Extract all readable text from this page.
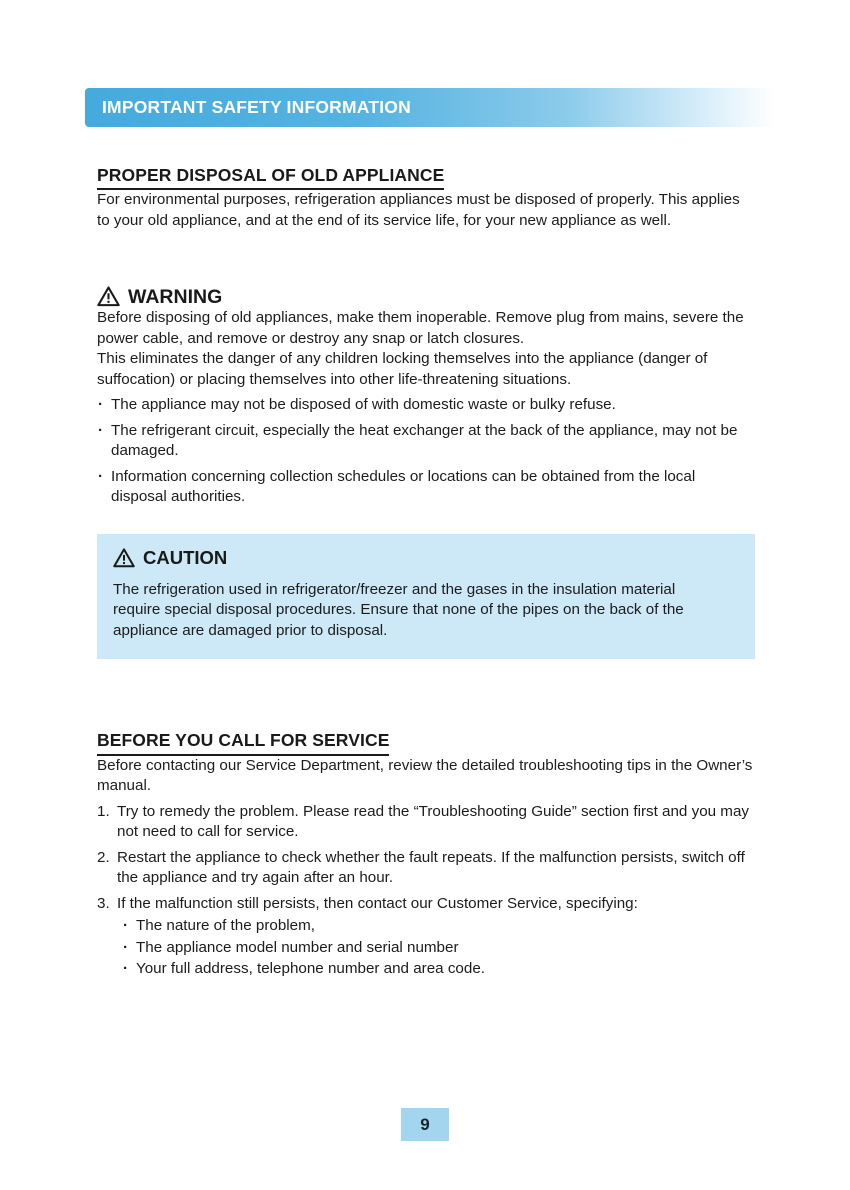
IMPORTANT SAFETY INFORMATION
PROPER DISPOSAL OF OLD APPLIANCE

For environmental purposes, refrigeration appliances must be disposed of properly. This applies to your old appliance, and at the end of its service life, for your new appliance as well.

WARNING

Before disposing of old appliances, make them inoperable. Remove plug from mains, severe the power cable, and remove or destroy any snap or latch closures.

This eliminates the danger of any children locking themselves into the appliance (danger of suffocation) or placing themselves into other life-threatening situations.

· The appliance may not be disposed of with domestic waste or bulky refuse.
· The refrigerant circuit, especially the heat exchanger at the back of the appliance, may not be damaged.
· Information concerning collection schedules or locations can be obtained from the local disposal authorities.
CAUTION

The refrigeration used in refrigerator/freezer and the gases in the insulation material require special disposal procedures. Ensure that none of the pipes on the back of the appliance are damaged prior to disposal.

BEFORE YOU CALL FOR SERVICE

Before contacting our Service Department, review the detailed troubleshooting tips in the Owner’s manual.

Try to remedy the problem. Please read the “Troubleshooting Guide” section first and you may not need to call for service.
Restart the appliance to check whether the fault repeats. If the malfunction persists, switch off the appliance and try again after an hour.
If the malfunction still persists, then contact our Customer Service, specifying:
· The nature of the problem,
· The appliance model number and serial number
· Your full address, telephone number and area code.
9
